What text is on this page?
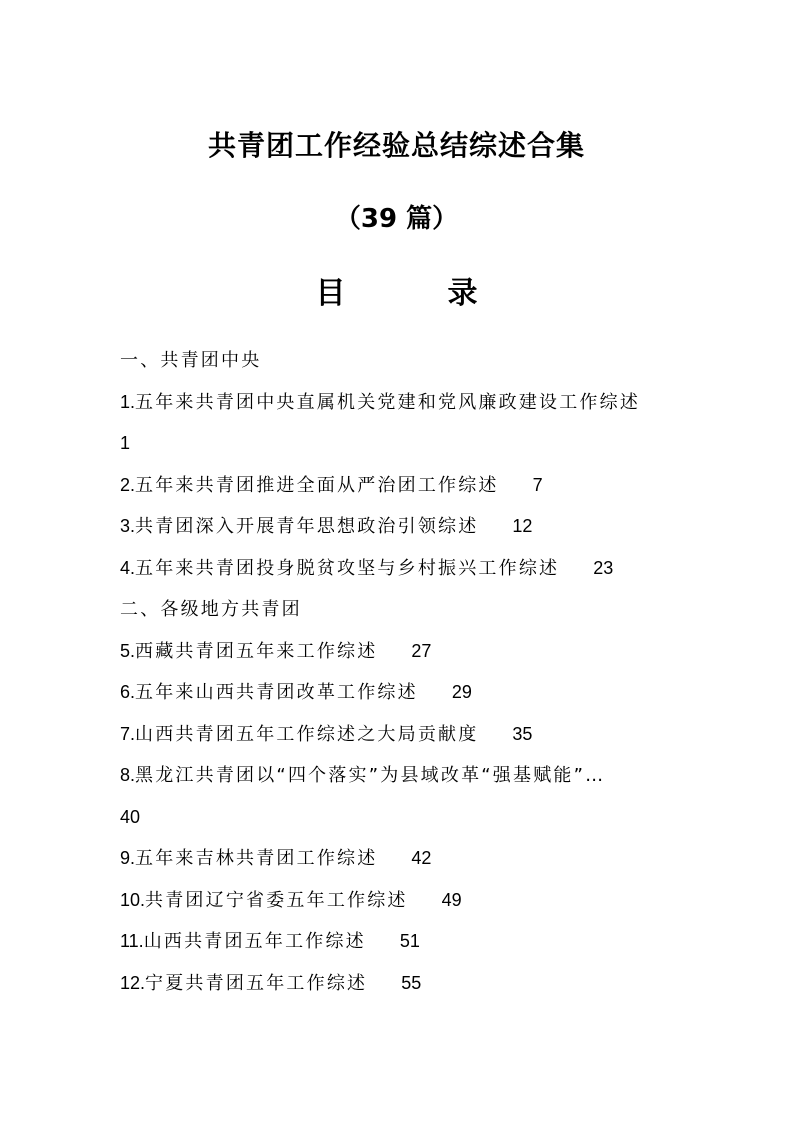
共青团工作经验总结综述合集
（39 篇）
目　录
一、共青团中央
1.五年来共青团中央直属机关党建和党风廉政建设工作综述
1
2.五年来共青团推进全面从严治团工作综述 7
3.共青团深入开展青年思想政治引领综述 12
4.五年来共青团投身脱贫攻坚与乡村振兴工作综述 23
二、各级地方共青团
5.西藏共青团五年来工作综述 27
6.五年来山西共青团改革工作综述 29
7.山西共青团五年工作综述之大局贡献度 35
8.黑龙江共青团以“四个落实”为县域改革“强基赋能”…
40
9.五年来吉林共青团工作综述 42
10.共青团辽宁省委五年工作综述 49
11.山西共青团五年工作综述 51
12.宁夏共青团五年工作综述 55
